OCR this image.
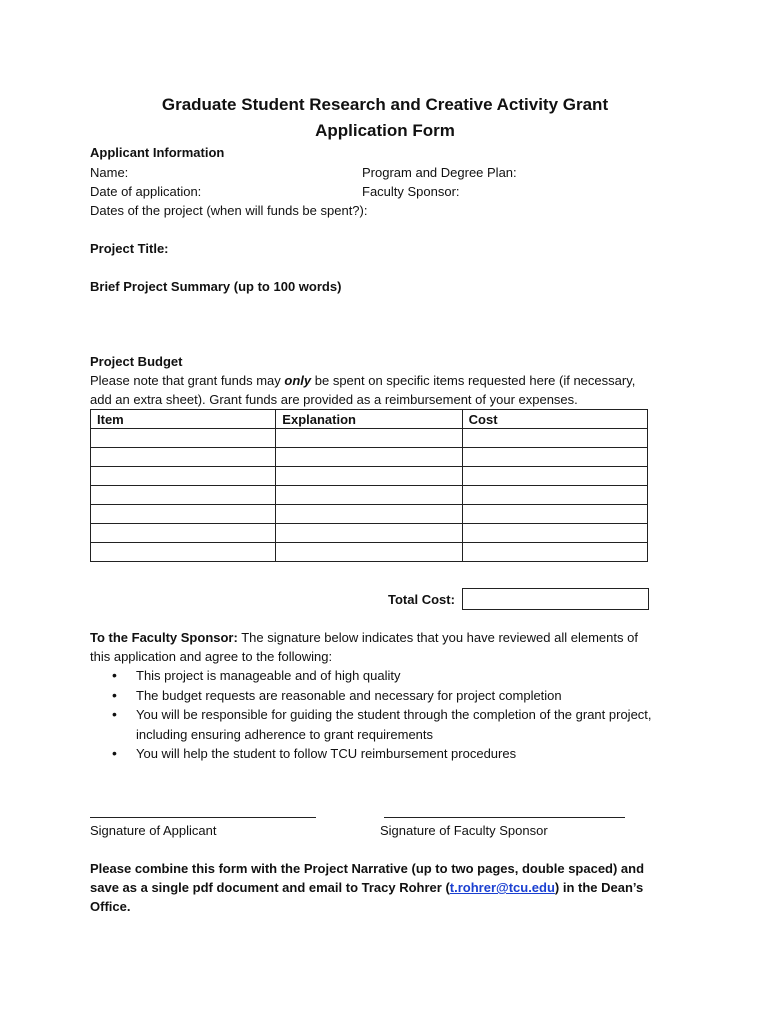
Graduate Student Research and Creative Activity Grant
Application Form
Applicant Information
Name:	Program and Degree Plan:
Date of application:	Faculty Sponsor:
Dates of the project (when will funds be spent?):
Project Title:
Brief Project Summary (up to 100 words)
Project Budget
Please note that grant funds may only be spent on specific items requested here (if necessary,
add an extra sheet). Grant funds are provided as a reimbursement of your expenses.
Item	Explanation	Cost

Total Cost:
To the Faculty Sponsor: The signature below indicates that you have reviewed all elements of
this application and agree to the following:
• This project is manageable and of high quality
• The budget requests are reasonable and necessary for project completion
• You will be responsible for guiding the student through the completion of the grant project, including ensuring adherence to grant requirements
• You will help the student to follow TCU reimbursement procedures
Signature of Applicant	Signature of Faculty Sponsor
Please combine this form with the Project Narrative (up to two pages, double spaced) and
save as a single pdf document and email to Tracy Rohrer (t.rohrer@tcu.edu) in the Dean’s
Office.
